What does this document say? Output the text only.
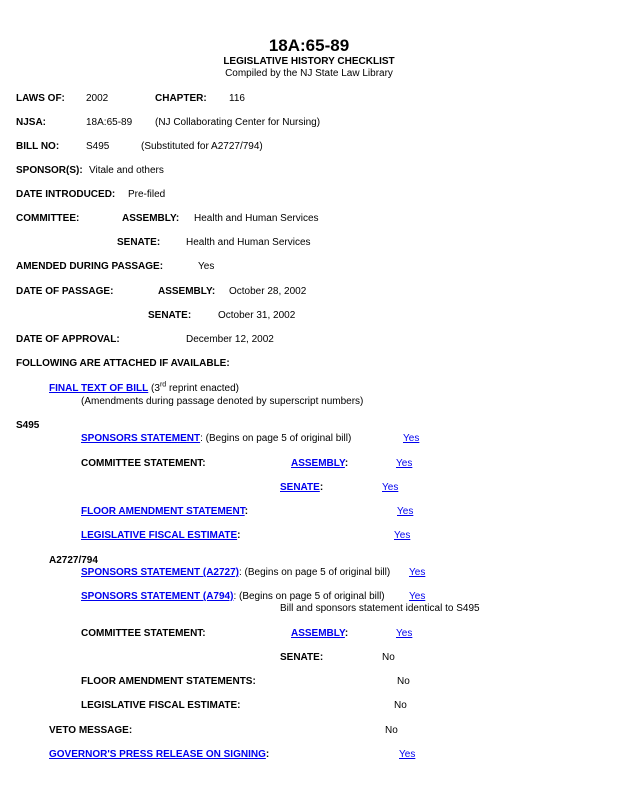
18A:65-89
LEGISLATIVE HISTORY CHECKLIST
Compiled by the NJ State Law Library
LAWS OF: 2002	CHAPTER: 116
NJSA:	18A:65-89 (NJ Collaborating Center for Nursing)
BILL NO:	S495	(Substituted for A2727/794)
SPONSOR(S): Vitale and others
DATE INTRODUCED: Pre-filed
COMMITTEE:	ASSEMBLY: Health and Human Services
SENATE:	Health and Human Services
AMENDED DURING PASSAGE:	Yes
DATE OF PASSAGE:	ASSEMBLY: October 28, 2002
SENATE:	October 31, 2002
DATE OF APPROVAL:	December 12, 2002
FOLLOWING ARE ATTACHED IF AVAILABLE:
FINAL TEXT OF BILL (3rd reprint enacted)
(Amendments during passage denoted by superscript numbers)
S495
SPONSORS STATEMENT: (Begins on page 5 of original bill)	Yes
COMMITTEE STATEMENT:	ASSEMBLY:	Yes
SENATE:	Yes
FLOOR AMENDMENT STATEMENT:	Yes
LEGISLATIVE FISCAL ESTIMATE:	Yes
A2727/794
SPONSORS STATEMENT (A2727): (Begins on page 5 of original bill) Yes
SPONSORS STATEMENT (A794): (Begins on page 5 of original bill) Yes
Bill and sponsors statement identical to S495
COMMITTEE STATEMENT:	ASSEMBLY:	Yes
SENATE:	No
FLOOR AMENDMENT STATEMENTS:	No
LEGISLATIVE FISCAL ESTIMATE:	No
VETO MESSAGE:	No
GOVERNOR'S PRESS RELEASE ON SIGNING:	Yes
